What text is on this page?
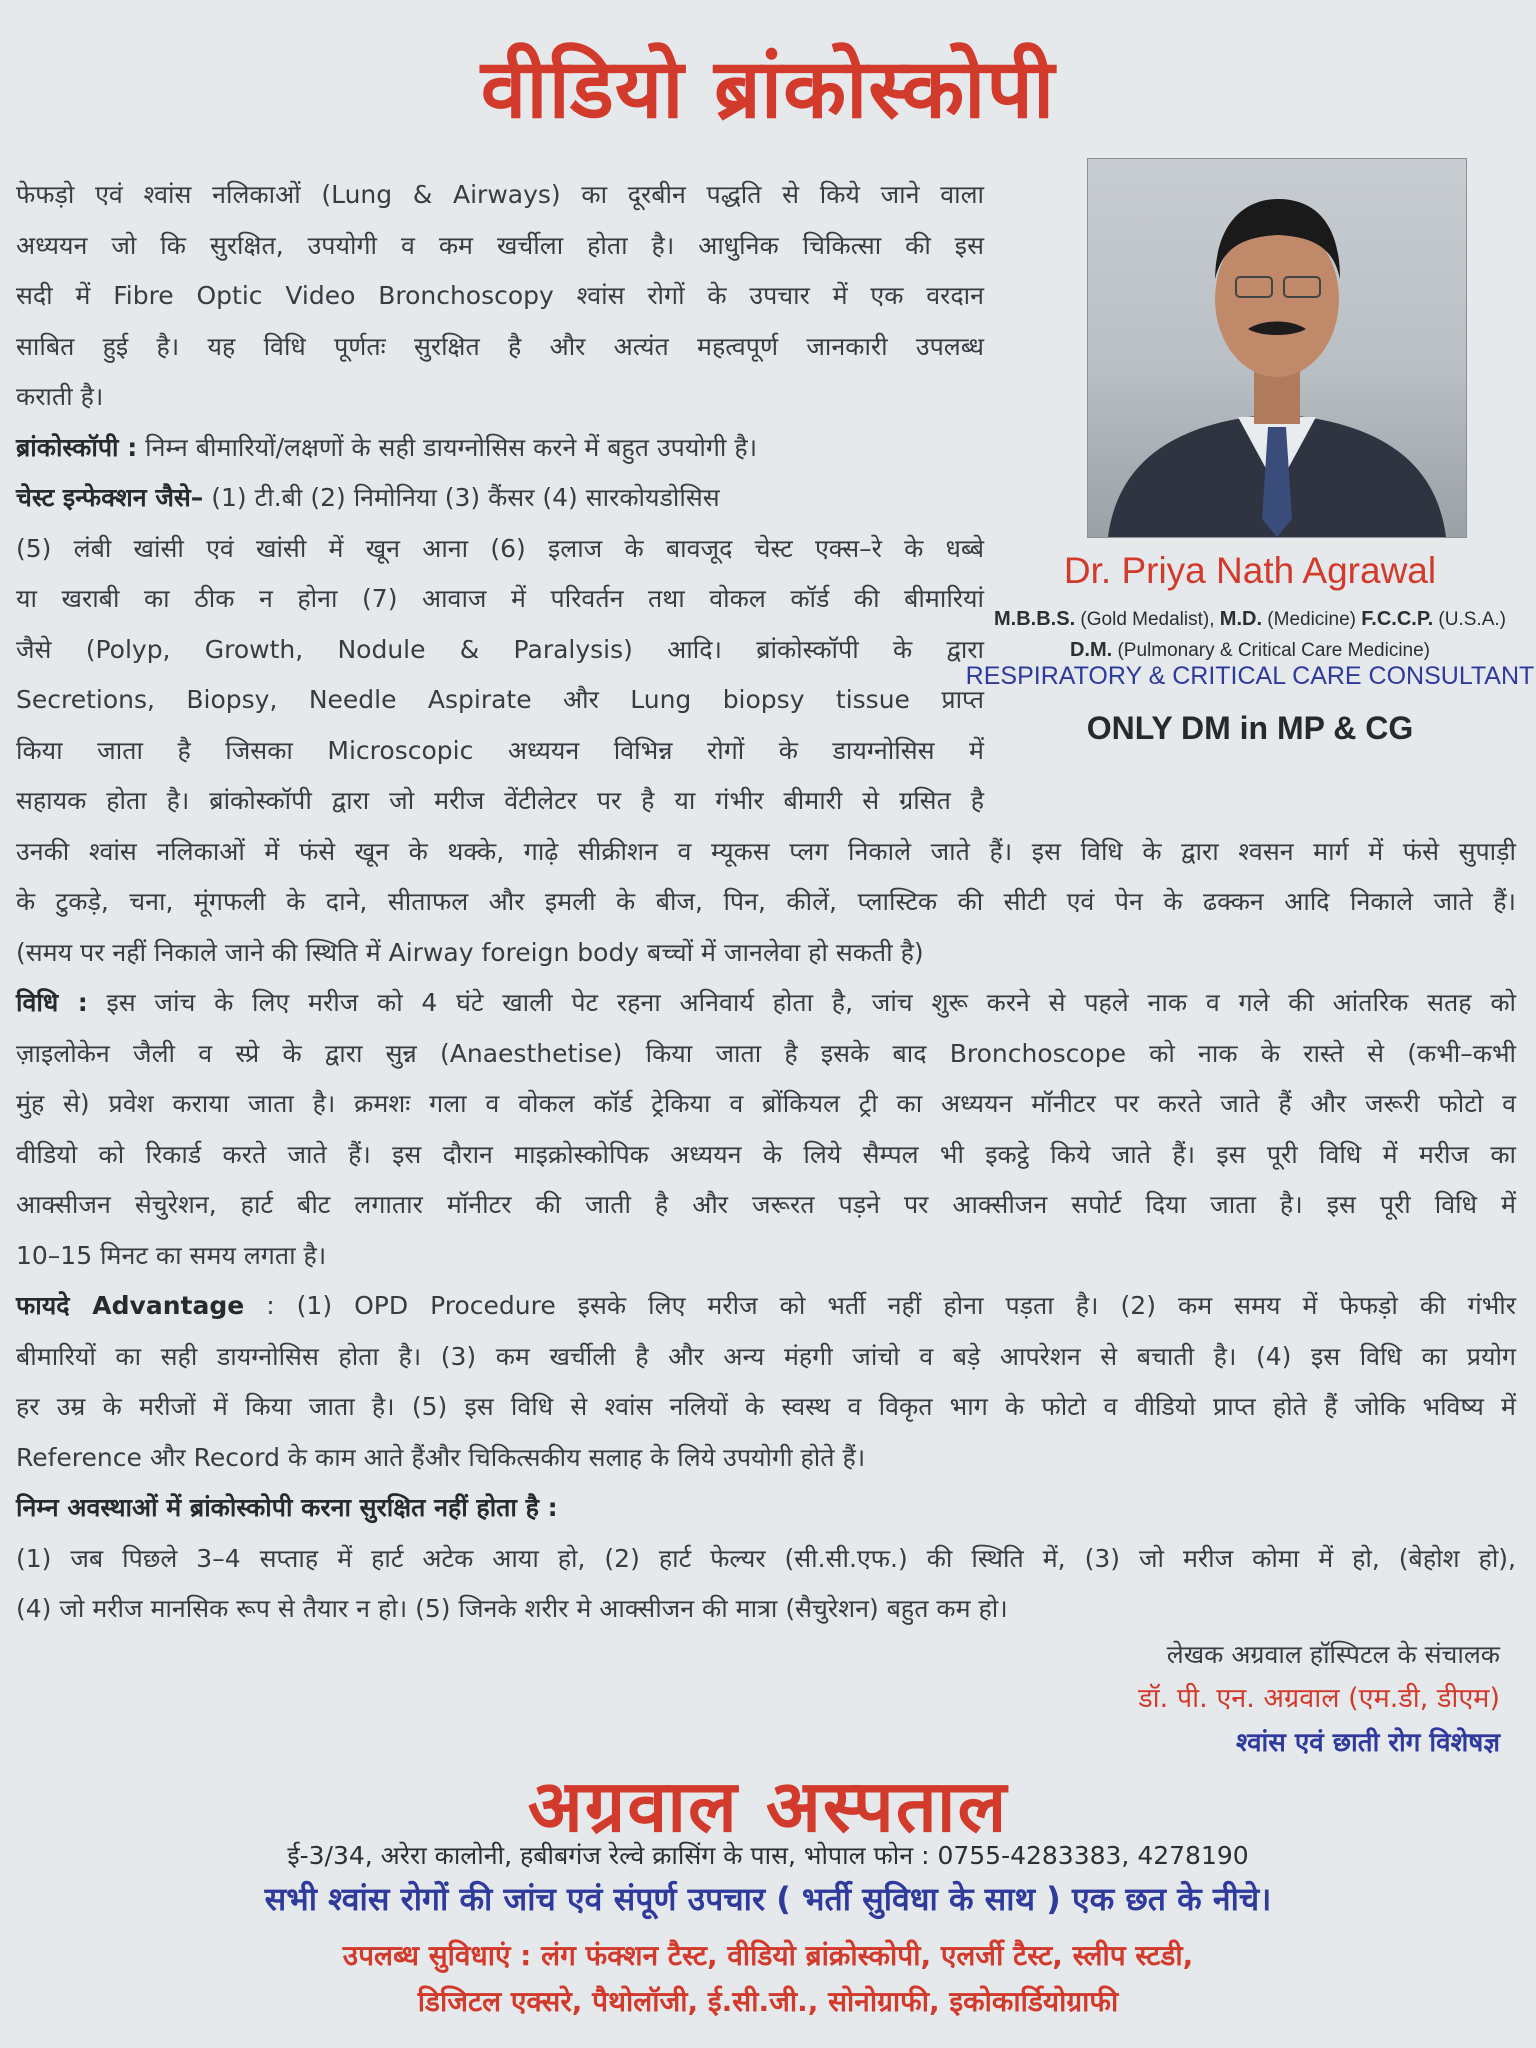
वीडियो ब्रांकोस्कोपी
Dr. Priya Nath Agrawal
M.B.B.S. (Gold Medalist), M.D. (Medicine) F.C.C.P. (U.S.A.)
D.M. (Pulmonary & Critical Care Medicine)
RESPIRATORY & CRITICAL CARE CONSULTANT
ONLY DM in MP & CG
फेफड़ो एवं श्वांस नलिकाओं (Lung & Airways) का दूरबीन पद्धति से किये जाने वाला
अध्ययन जो कि सुरक्षित, उपयोगी व कम खर्चीला होता है। आधुनिक चिकित्सा की इस
सदी में Fibre Optic Video Bronchoscopy श्वांस रोगों के उपचार में एक वरदान
साबित हुई है। यह विधि पूर्णतः सुरक्षित है और अत्यंत महत्वपूर्ण जानकारी उपलब्ध
कराती है।
ब्रांकोस्कॉपी : निम्न बीमारियों/लक्षणों के सही डायग्नोसिस करने में बहुत उपयोगी है।
चेस्ट इन्फेक्शन जैसे– (1) टी.बी (2) निमोनिया (3) कैंसर (4) सारकोयडोसिस
(5) लंबी खांसी एवं खांसी में खून आना (6) इलाज के बावजूद चेस्ट एक्स–रे के धब्बे
या खराबी का ठीक न होना (7) आवाज में परिवर्तन तथा वोकल कॉर्ड की बीमारियां
जैसे (Polyp, Growth, Nodule & Paralysis) आदि। ब्रांकोस्कॉपी के द्वारा
Secretions, Biopsy, Needle Aspirate और Lung biopsy tissue प्राप्त
किया जाता है जिसका Microscopic अध्ययन विभिन्न रोगों के डायग्नोसिस में
सहायक होता है। ब्रांकोस्कॉपी द्वारा जो मरीज वेंटीलेटर पर है या गंभीर बीमारी से ग्रसित है
उनकी श्वांस नलिकाओं में फंसे खून के थक्के, गाढ़े सीक्रीशन व म्यूकस प्लग निकाले जाते हैं। इस विधि के द्वारा श्वसन मार्ग में फंसे सुपाड़ी
के टुकड़े, चना, मूंगफली के दाने, सीताफल और इमली के बीज, पिन, कीलें, प्लास्टिक की सीटी एवं पेन के ढक्कन आदि निकाले जाते हैं।
(समय पर नहीं निकाले जाने की स्थिति में Airway foreign body बच्चों में जानलेवा हो सकती है)
विधि : इस जांच के लिए मरीज को 4 घंटे खाली पेट रहना अनिवार्य होता है, जांच शुरू करने से पहले नाक व गले की आंतरिक सतह को
ज़ाइलोकेन जैली व स्प्रे के द्वारा सुन्न (Anaesthetise) किया जाता है इसके बाद Bronchoscope को नाक के रास्ते से (कभी–कभी
मुंह से) प्रवेश कराया जाता है। क्रमशः गला व वोकल कॉर्ड ट्रेकिया व ब्रोंकियल ट्री का अध्ययन मॉनीटर पर करते जाते हैं और जरूरी फोटो व
वीडियो को रिकार्ड करते जाते हैं। इस दौरान माइक्रोस्कोपिक अध्ययन के लिये सैम्पल भी इकट्ठे किये जाते हैं। इस पूरी विधि में मरीज का
आक्सीजन सेचुरेशन, हार्ट बीट लगातार मॉनीटर की जाती है और जरूरत पड़ने पर आक्सीजन सपोर्ट दिया जाता है। इस पूरी विधि में
10–15 मिनट का समय लगता है।
फायदे Advantage : (1) OPD Procedure इसके लिए मरीज को भर्ती नहीं होना पड़ता है। (2) कम समय में फेफड़ो की गंभीर
बीमारियों का सही डायग्नोसिस होता है। (3) कम खर्चीली है और अन्य मंहगी जांचो व बड़े आपरेशन से बचाती है। (4) इस विधि का प्रयोग
हर उम्र के मरीजों में किया जाता है। (5) इस विधि से श्वांस नलियों के स्वस्थ व विकृत भाग के फोटो व वीडियो प्राप्त होते हैं जोकि भविष्य में
Reference और Record के काम आते हैंऔर चिकित्सकीय सलाह के लिये उपयोगी होते हैं।
निम्न अवस्थाओं में ब्रांकोस्कोपी करना सुरक्षित नहीं होता है :
(1) जब पिछले 3–4 सप्ताह में हार्ट अटेक आया हो, (2) हार्ट फेल्यर (सी.सी.एफ.) की स्थिति में, (3) जो मरीज कोमा में हो, (बेहोश हो),
(4) जो मरीज मानसिक रूप से तैयार न हो। (5) जिनके शरीर मे आक्सीजन की मात्रा (सैचुरेशन) बहुत कम हो।
लेखक अग्रवाल हॉस्पिटल के संचालक
डॉ. पी. एन. अग्रवाल (एम.डी, डीएम)
श्वांस एवं छाती रोग विशेषज्ञ
अग्रवाल अस्पताल
ई-3/34, अरेरा कालोनी, हबीबगंज रेल्वे क्रासिंग के पास, भोपाल फोन : 0755-4283383, 4278190
सभी श्वांस रोगों की जांच एवं संपूर्ण उपचार ( भर्ती सुविधा के साथ ) एक छत के नीचे।
उपलब्ध सुविधाएं : लंग फंक्शन टैस्ट, वीडियो ब्रांक्रोस्कोपी, एलर्जी टैस्ट, स्लीप स्टडी,
डिजिटल एक्सरे, पैथोलॉजी, ई.सी.जी., सोनोग्राफी, इकोकार्डियोग्राफी
